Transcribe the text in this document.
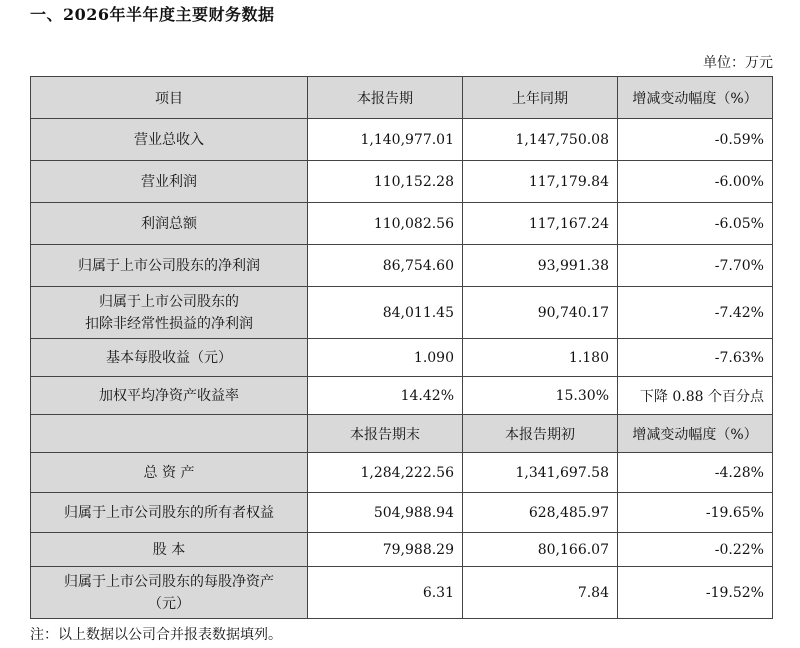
一、2026年半年度主要财务数据
单位：万元
项目	本报告期	上年同期	增减变动幅度（%）
营业总收入	1,140,977.01	1,147,750.08	-0.59%
营业利润	110,152.28	117,179.84	-6.00%
利润总额	110,082.56	117,167.24	-6.05%
归属于上市公司股东的净利润	86,754.60	93,991.38	-7.70%
归属于上市公司股东的
扣除非经常性损益的净利润	84,011.45	90,740.17	-7.42%
基本每股收益（元）	1.090	1.180	-7.63%
加权平均净资产收益率	14.42%	15.30%	下降 0.88 个百分点
	本报告期末	本报告期初	增减变动幅度（%）
总 资 产	1,284,222.56	1,341,697.58	-4.28%
归属于上市公司股东的所有者权益	504,988.94	628,485.97	-19.65%
股 本	79,988.29	80,166.07	-0.22%
归属于上市公司股东的每股净资产
（元）	6.31	7.84	-19.52%
注：以上数据以公司合并报表数据填列。
